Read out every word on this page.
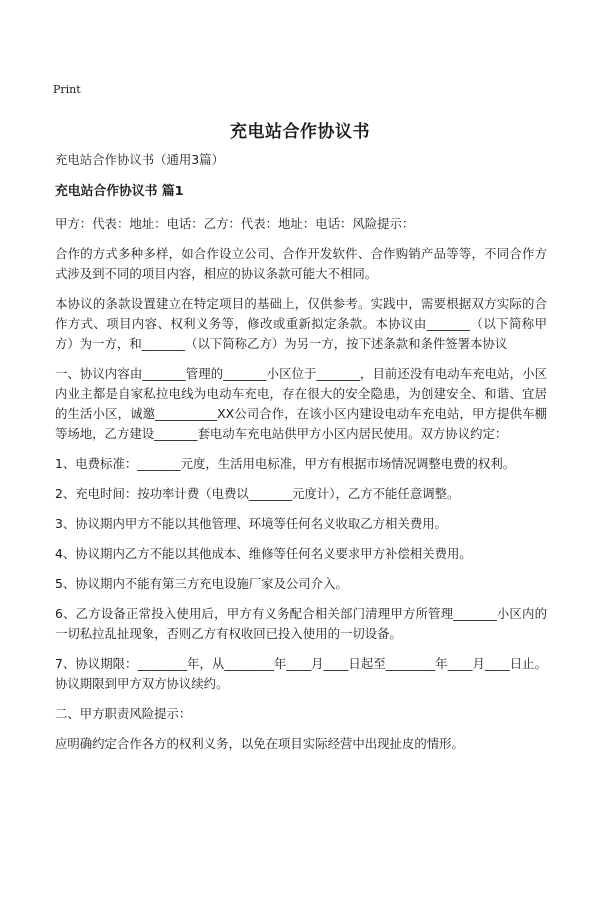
Print
充电站合作协议书

充电站合作协议书（通用3篇）

充电站合作协议书 篇1

甲方：代表：地址：电话：乙方：代表：地址：电话：风险提示：

合作的方式多种多样，如合作设立公司、合作开发软件、合作购销产品等等，不同合作方式涉及到不同的项目内容，相应的协议条款可能大不相同。

本协议的条款设置建立在特定项目的基础上，仅供参考。实践中，需要根据双方实际的合作方式、项目内容、权利义务等，修改或重新拟定条款。本协议由_______（以下简称甲方）为一方，和_______（以下简称乙方）为另一方，按下述条款和条件签署本协议

一、协议内容由_______管理的_______小区位于_______，目前还没有电动车充电站，小区内业主都是自家私拉电线为电动车充电，存在很大的安全隐患，为创建安全、和谐、宜居的生活小区，诚邀__________XX公司合作，在该小区内建设电动车充电站，甲方提供车棚等场地，乙方建设_______套电动车充电站供甲方小区内居民使用。双方协议约定：

1、电费标准：_______元度，生活用电标准，甲方有根据市场情况调整电费的权利。

2、充电时间：按功率计费（电费以_______元度计），乙方不能任意调整。

3、协议期内甲方不能以其他管理、环境等任何名义收取乙方相关费用。

4、协议期内乙方不能以其他成本、维修等任何名义要求甲方补偿相关费用。

5、协议期内不能有第三方充电设施厂家及公司介入。

6、乙方设备正常投入使用后，甲方有义务配合相关部门清理甲方所管理_______小区内的一切私拉乱扯现象，否则乙方有权收回已投入使用的一切设备。

7、协议期限：________年，从________年____月____日起至________年____月____日止。协议期限到甲方双方协议续约。

二、甲方职责风险提示：

应明确约定合作各方的权利义务，以免在项目实际经营中出现扯皮的情形。
